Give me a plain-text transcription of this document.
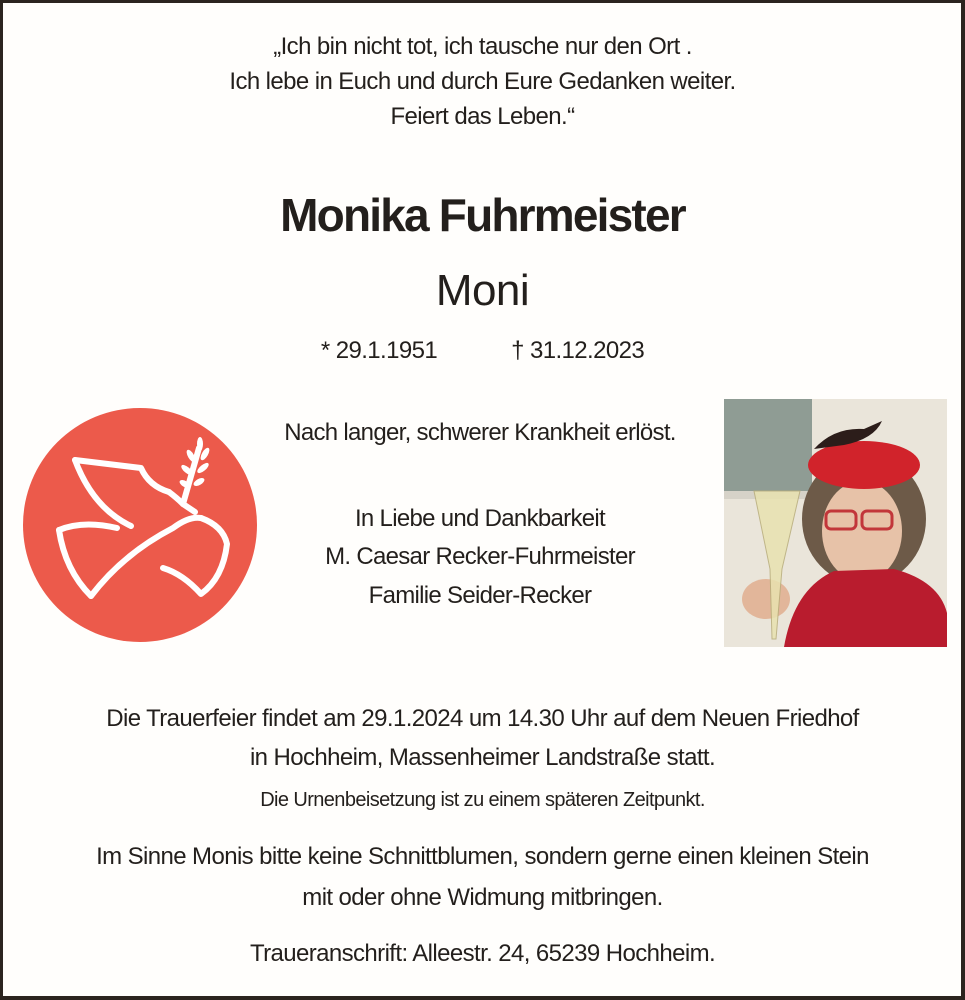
„Ich bin nicht tot, ich tausche nur den Ort .
Ich lebe in Euch und durch Eure Gedanken weiter.
Feiert das Leben.“
Monika Fuhrmeister
Moni
* 29.1.1951	† 31.12.2023
Nach langer, schwerer Krankheit erlöst.
In Liebe und Dankbarkeit
M. Caesar Recker-Fuhrmeister
Familie Seider-Recker
Die Trauerfeier findet am 29.1.2024 um 14.30 Uhr auf dem Neuen Friedhof
in Hochheim, Massenheimer Landstraße statt.
Die Urnenbeisetzung ist zu einem späteren Zeitpunkt.
Im Sinne Monis bitte keine Schnittblumen, sondern gerne einen kleinen Stein
mit oder ohne Widmung mitbringen.
Traueranschrift: Alleestr. 24, 65239 Hochheim.
